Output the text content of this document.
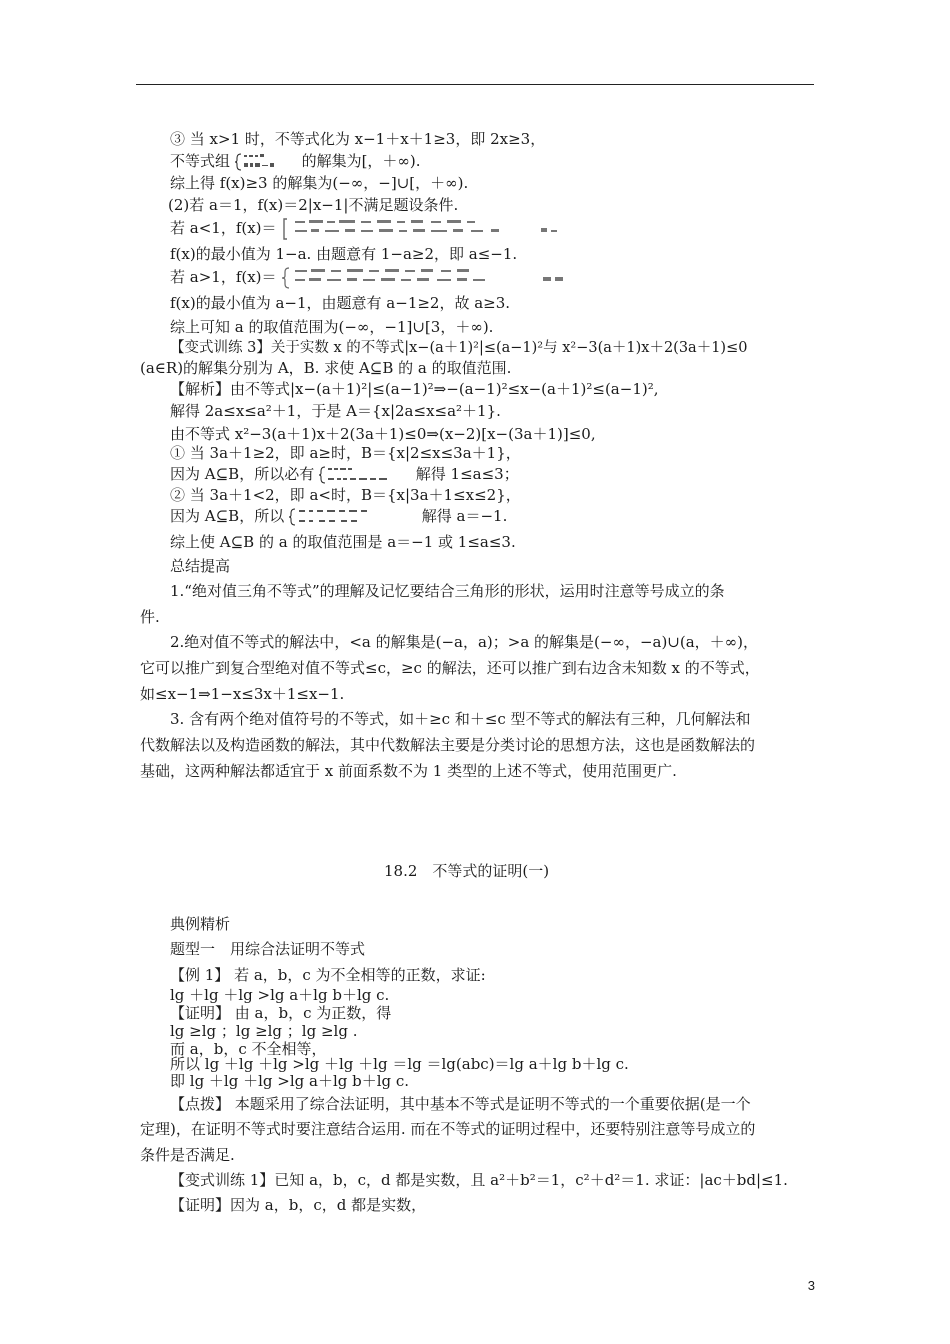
③ 当 x>1 时，不等式化为 x−1＋x＋1≥3，即 2x≥3，
不等式组	的解集为[，＋∞).
综上得 f(x)≥3 的解集为(−∞，−]∪[，＋∞).
(2)若 a＝1，f(x)＝2|x−1|不满足题设条件.
若 a<1，f(x)＝
f(x)的最小值为 1−a. 由题意有 1−a≥2，即 a≤−1.
若 a>1，f(x)＝
f(x)的最小值为 a−1，由题意有 a−1≥2，故 a≥3.
综上可知 a 的取值范围为(−∞，−1]∪[3，＋∞).
【变式训练 3】关于实数 x 的不等式|x−(a＋1)²|≤(a−1)²与 x²−3(a＋1)x＋2(3a＋1)≤0
(a∈R)的解集分别为 A，B. 求使 A⊆B 的 a 的取值范围.
【解析】由不等式|x−(a＋1)²|≤(a−1)²⇒−(a−1)²≤x−(a＋1)²≤(a−1)²,
解得 2a≤x≤a²＋1，于是 A＝{x|2a≤x≤a²＋1}.
由不等式 x²−3(a＋1)x＋2(3a＋1)≤0⇒(x−2)[x−(3a＋1)]≤0,
① 当 3a＋1≥2，即 a≥时，B＝{x|2≤x≤3a＋1}，
因为 A⊆B，所以必有	解得 1≤a≤3；
② 当 3a＋1<2，即 a<时，B＝{x|3a＋1≤x≤2}，
因为 A⊆B，所以	解得 a＝−1.
综上使 A⊆B 的 a 的取值范围是 a＝−1 或 1≤a≤3.
总结提高
1.“绝对值三角不等式”的理解及记忆要结合三角形的形状，运用时注意等号成立的条
件.
2.绝对值不等式的解法中，<a 的解集是(−a，a)；>a 的解集是(−∞，−a)∪(a，＋∞)，
它可以推广到复合型绝对值不等式≤c，≥c 的解法，还可以推广到右边含未知数 x 的不等式，
如≤x−1⇒1−x≤3x＋1≤x−1.
3. 含有两个绝对值符号的不等式，如＋≥c 和＋≤c 型不等式的解法有三种，几何解法和
代数解法以及构造函数的解法，其中代数解法主要是分类讨论的思想方法，这也是函数解法的
基础，这两种解法都适宜于 x 前面系数不为 1 类型的上述不等式，使用范围更广.
18.2　不等式的证明(一)
典例精析
题型一　用综合法证明不等式
【例 1】 若 a，b，c 为不全相等的正数，求证:
lg ＋lg ＋lg >lg a＋lg b＋lg c.
【证明】 由 a，b，c 为正数，得
lg ≥lg ；lg ≥lg ；lg ≥lg .
而 a，b，c 不全相等，
所以 lg ＋lg ＋lg >lg ＋lg ＋lg ＝lg ＝lg(abc)＝lg a＋lg b＋lg c.
即 lg ＋lg ＋lg >lg a＋lg b＋lg c.
【点拨】 本题采用了综合法证明，其中基本不等式是证明不等式的一个重要依据(是一个
定理)，在证明不等式时要注意结合运用. 而在不等式的证明过程中，还要特别注意等号成立的
条件是否满足.
【变式训练 1】已知 a，b，c，d 都是实数，且 a²＋b²＝1，c²＋d²＝1. 求证：|ac＋bd|≤1.
【证明】因为 a，b，c，d 都是实数，
3
